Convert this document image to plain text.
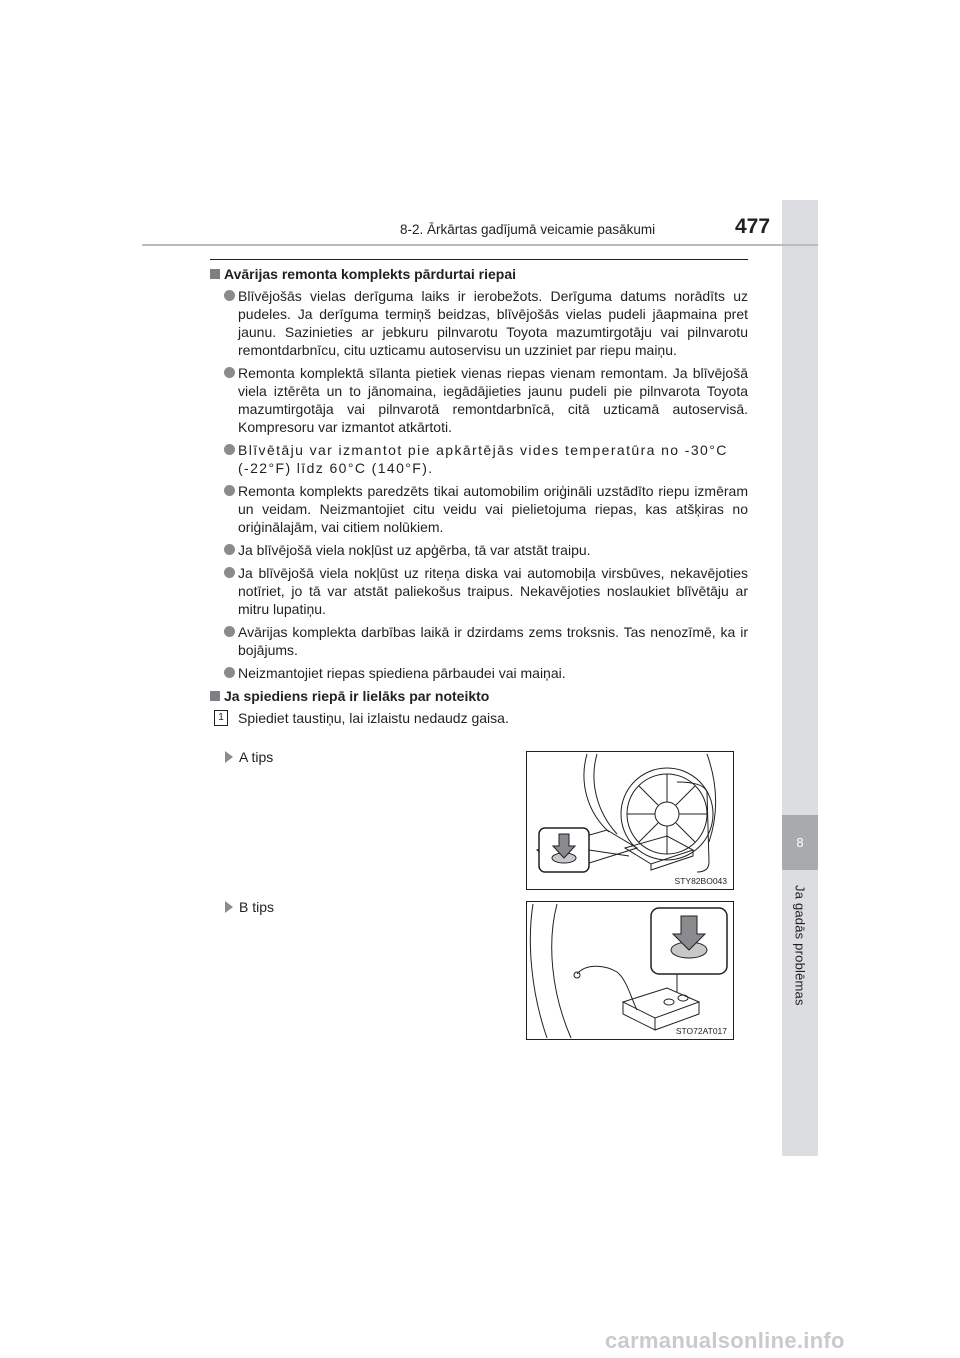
8
Ja gadās problēmas
8-2. Ārkārtas gadījumā veicamie pasākumi	477
Avārijas remonta komplekts pārdurtai riepai
Blīvējošās vielas derīguma laiks ir ierobežots. Derīguma datums norādīts uz pudeles. Ja derīguma termiņš beidzas, blīvējošās vielas pudeli jāapmaina pret jaunu. Sazinieties ar jebkuru pilnvarotu Toyota mazumtirgotāju vai pilnvarotu remontdarbnīcu, citu uzticamu autoservisu un uzziniet par riepu maiņu.
Remonta komplektā sīlanta pietiek vienas riepas vienam remontam. Ja blīvējošā viela iztērēta un to jānomaina, iegādājieties jaunu pudeli pie pilnvarota Toyota mazumtirgotāja vai pilnvarotā remontdarbnīcā, citā uzticamā autoservisā. Kompresoru var izmantot atkārtoti.
Blīvētāju var izmantot pie apkārtējās vides temperatūra no -30°C (-22°F) līdz 60°C (140°F).
Remonta komplekts paredzēts tikai automobilim oriģināli uzstādīto riepu izmēram un veidam. Neizmantojiet citu veidu vai pielietojuma riepas, kas atšķiras no oriģinālajām, vai citiem nolūkiem.
Ja blīvējošā viela nokļūst uz apģērba, tā var atstāt traipu.
Ja blīvējošā viela nokļūst uz riteņa diska vai automobiļa virsbūves, nekavējoties notīriet, jo tā var atstāt paliekošus traipus. Nekavējoties noslaukiet blīvētāju ar mitru lupatiņu.
Avārijas komplekta darbības laikā ir dzirdams zems troksnis. Tas nenozīmē, ka ir bojājums.
Neizmantojiet riepas spiediena pārbaudei vai maiņai.
Ja spiediens riepā ir lielāks par noteikto
1	Spiediet taustiņu, lai izlaistu nedaudz gaisa.
A tips
B tips
STY82BO043
STO72AT017
carmanualsonline.info
